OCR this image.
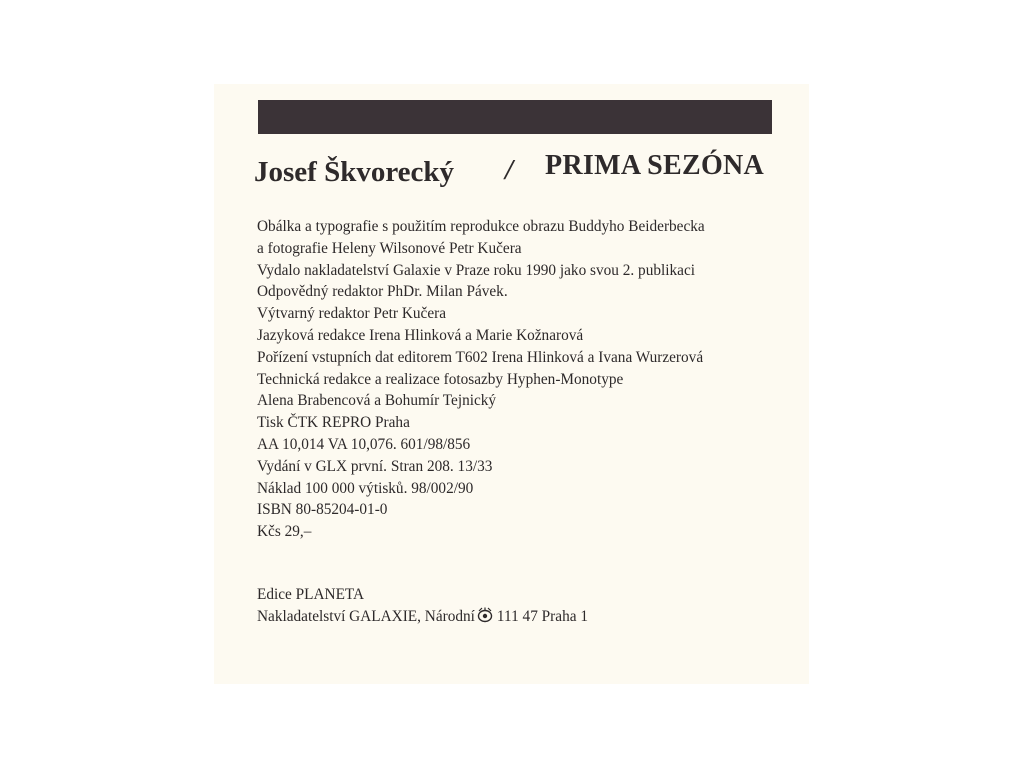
Josef Škvorecký / PRIMA SEZÓNA
Obálka a typografie s použitím reprodukce obrazu Buddyho Beiderbecka
a fotografie Heleny Wilsonové Petr Kučera
Vydalo nakladatelství Galaxie v Praze roku 1990 jako svou 2. publikaci
Odpovědný redaktor PhDr. Milan Pávek.
Výtvarný redaktor Petr Kučera
Jazyková redakce Irena Hlinková a Marie Kožnarová
Pořízení vstupních dat editorem T602 Irena Hlinková a Ivana Wurzerová
Technická redakce a realizace fotosazby Hyphen-Monotype
Alena Brabencová a Bohumír Tejnický
Tisk ČTK REPRO Praha
AA 10,014 VA 10,076. 601/98/856
Vydání v GLX první. Stran 208. 13/33
Náklad 100 000 výtisků. 98/002/90
ISBN 80-85204-01-0
Kčs 29,–
Edice PLANETA
Nakladatelství GALAXIE, Národní 111 47 Praha 1
